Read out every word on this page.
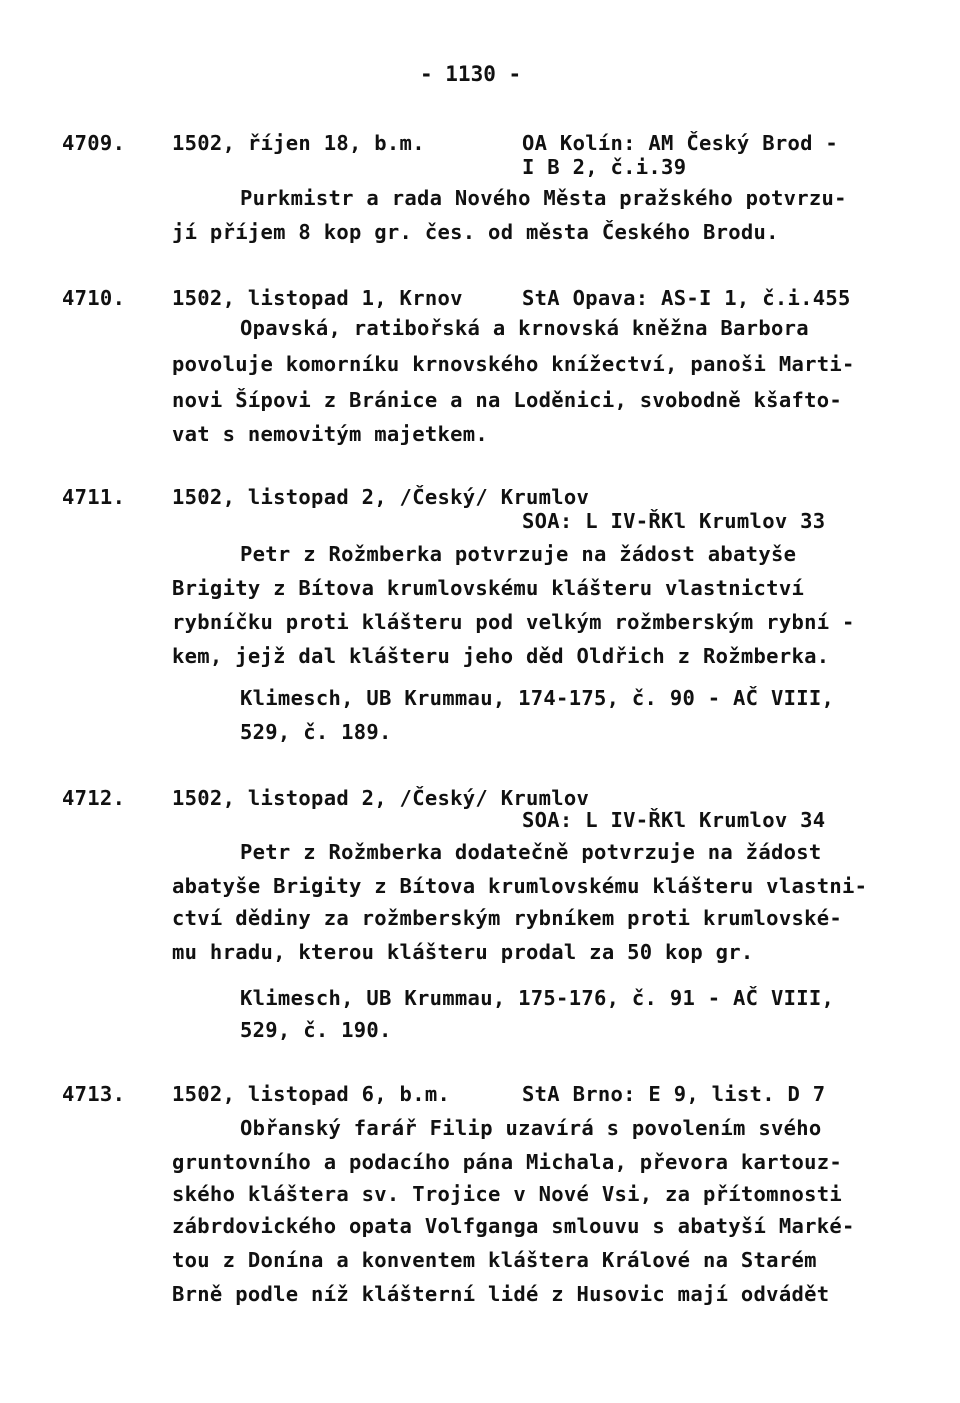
- 1130 -
4709. 1502, říjen 18, b.m.	OA Kolín: AM Český Brod -
I B 2, č.i.39
Purkmistr a rada Nového Města pražského potvrzu-
jí příjem 8 kop gr. čes. od města Českého Brodu.
4710. 1502, listopad 1, Krnov	StA Opava: AS-I 1, č.i.455
Opavská, ratibořská a krnovská kněžna Barbora
povoluje komorníku krnovského knížectví, panoši Marti-
novi Šípovi z Bránice a na Loděnici, svobodně kšafto-
vat s nemovitým majetkem.
4711. 1502, listopad 2, /Český/ Krumlov
SOA: L IV-ŘKl Krumlov 33
Petr z Rožmberka potvrzuje na žádost abatyše
Brigity z Bítova krumlovskému klášteru vlastnictví
rybníčku proti klášteru pod velkým rožmberským rybní -
kem, jejž dal klášteru jeho děd Oldřich z Rožmberka.
Klimesch, UB Krummau, 174-175, č. 90 - AČ VIII,
529, č. 189.
4712. 1502, listopad 2, /Český/ Krumlov
SOA: L IV-ŘKl Krumlov 34
Petr z Rožmberka dodatečně potvrzuje na žádost
abatyše Brigity z Bítova krumlovskému klášteru vlastni-
ctví dědiny za rožmberským rybníkem proti krumlovské-
mu hradu, kterou klášteru prodal za 50 kop gr.
Klimesch, UB Krummau, 175-176, č. 91 - AČ VIII,
529, č. 190.
4713. 1502, listopad 6, b.m.	StA Brno: E 9, list. D 7
Obřanský farář Filip uzavírá s povolením svého
gruntovního a podacího pána Michala, převora kartouz-
ského kláštera sv. Trojice v Nové Vsi, za přítomnosti
zábrdovického opata Volfganga smlouvu s abatyší Marké-
tou z Donína a konventem kláštera Králové na Starém
Brně podle níž klášterní lidé z Husovic mají odvádět
